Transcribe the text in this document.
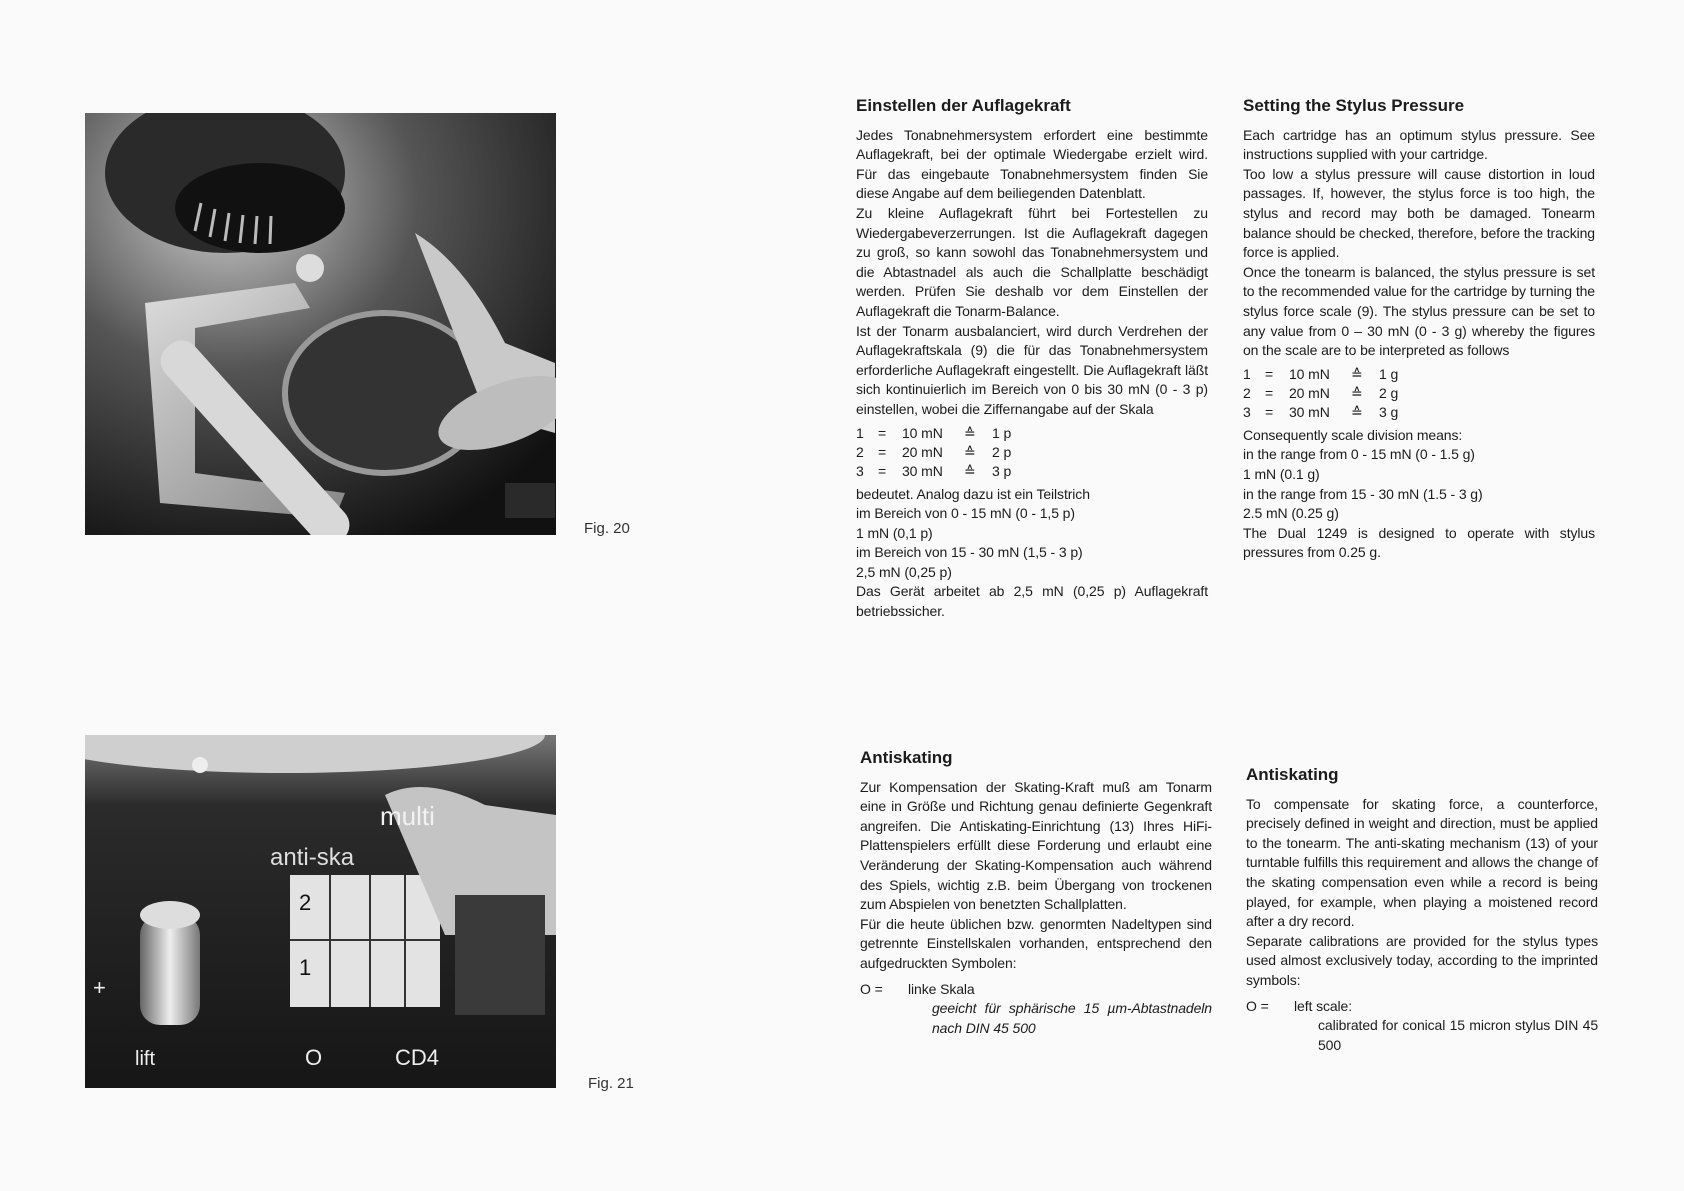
Fig. 20
2
1
multi
anti-ska
lift	O	CD4
+
Fig. 21
Einstellen der Auflagekraft

Jedes Tonabnehmersystem erfordert eine bestimmte Auflagekraft, bei der optimale Wiedergabe erzielt wird. Für das eingebaute Tonabnehmersystem finden Sie diese Angabe auf dem beiliegenden Datenblatt.

Zu kleine Auflagekraft führt bei Fortestellen zu Wiedergabeverzerrungen. Ist die Auflagekraft dagegen zu groß, so kann sowohl das Tonabnehmersystem und die Abtastnadel als auch die Schallplatte beschädigt werden. Prüfen Sie deshalb vor dem Einstellen der Auflagekraft die Tonarm-Balance.

Ist der Tonarm ausbalanciert, wird durch Verdrehen der Auflagekraftskala (9) die für das Tonabnehmersystem erforderliche Auflagekraft eingestellt. Die Auflagekraft läßt sich kontinuierlich im Bereich von 0 bis 30 mN (0 - 3 p) einstellen, wobei die Ziffernangabe auf der Skala

1	=	10 mN	≙	1 p
2	=	20 mN	≙	2 p
3	=	30 mN	≙	3 p
bedeutet. Analog dazu ist ein Teilstrich
im Bereich von 0 - 15 mN (0 - 1,5 p)
1 mN (0,1 p)
im Bereich von 15 - 30 mN (1,5 - 3 p)
2,5 mN (0,25 p)

Das Gerät arbeitet ab 2,5 mN (0,25 p) Auflagekraft betriebssicher.

Setting the Stylus Pressure

Each cartridge has an optimum stylus pressure. See instructions supplied with your cartridge.

Too low a stylus pressure will cause distortion in loud passages. If, however, the stylus force is too high, the stylus and record may both be damaged. Tonearm balance should be checked, therefore, before the tracking force is applied.

Once the tonearm is balanced, the stylus pressure is set to the recommended value for the cartridge by turning the stylus force scale (9). The stylus pressure can be set to any value from 0 – 30 mN (0 - 3 g) whereby the figures on the scale are to be interpreted as follows

1	=	10 mN	≙	1 g
2	=	20 mN	≙	2 g
3	=	30 mN	≙	3 g
Consequently scale division means:
in the range from 0 - 15 mN (0 - 1.5 g)
1 mN (0.1 g)
in the range from 15 - 30 mN (1.5 - 3 g)
2.5 mN (0.25 g)

The Dual 1249 is designed to operate with stylus pressures from 0.25 g.

Antiskating

Zur Kompensation der Skating-Kraft muß am Tonarm eine in Größe und Richtung genau definierte Gegenkraft angreifen. Die Antiskating-Einrichtung (13) Ihres HiFi-Plattenspielers erfüllt diese Forderung und erlaubt eine Veränderung der Skating-Kompensation auch während des Spiels, wichtig z.B. beim Übergang von trockenen zum Abspielen von benetzten Schallplatten.

Für die heute üblichen bzw. genormten Nadeltypen sind getrennte Einstellskalen vorhanden, entsprechend den aufgedruckten Symbolen:

O =	linke Skala

geeicht für sphärische 15 µm-Abtastnadeln nach DIN 45 500

Antiskating

To compensate for skating force, a counterforce, precisely defined in weight and direction, must be applied to the tonearm. The anti-skating mechanism (13) of your turntable fulfills this requirement and allows the change of the skating compensation even while a record is being played, for example, when playing a moistened record after a dry record.

Separate calibrations are provided for the stylus types used almost exclusively today, according to the imprinted symbols:

O =	left scale:

calibrated for conical 15 micron stylus DIN 45 500
